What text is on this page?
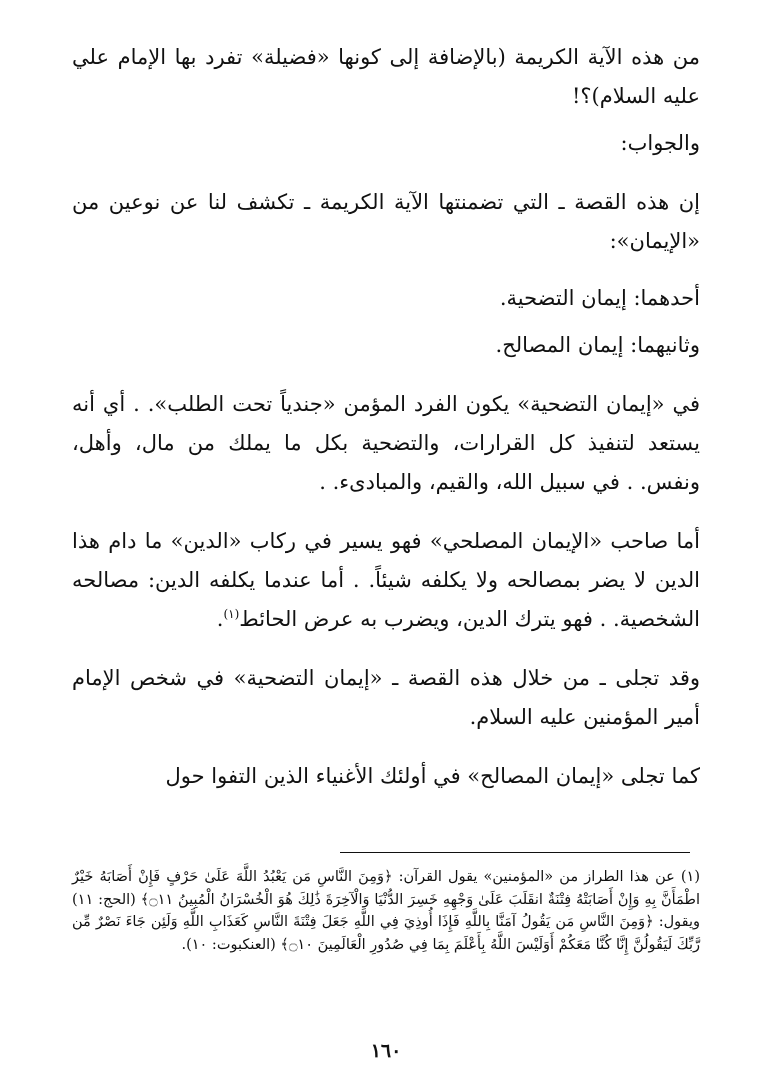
من هذه الآية الكريمة (بالإضافة إلى كونها «فضيلة» تفرد بها الإمام علي عليه السلام)؟!

والجواب:

إن هذه القصة ـ التي تضمنتها الآية الكريمة ـ تكشف لنا عن نوعين من «الإيمان»:

أحدهما: إيمان التضحية.

وثانيهما: إيمان المصالح.

في «إيمان التضحية» يكون الفرد المؤمن «جندياً تحت الطلب». . أي أنه يستعد لتنفيذ كل القرارات، والتضحية بكل ما يملك من مال، وأهل، ونفس. . في سبيل الله، والقيم، والمبادىء. .

أما صاحب «الإيمان المصلحي» فهو يسير في ركاب «الدين» ما دام هذا الدين لا يضر بمصالحه ولا يكلفه شيئاً. . أما عندما يكلفه الدين: مصالحه الشخصية. . فهو يترك الدين، ويضرب به عرض الحائط$^{(١)}$.

وقد تجلى ـ من خلال هذه القصة ـ «إيمان التضحية» في شخص الإمام أمير المؤمنين عليه السلام.

كما تجلى «إيمان المصالح» في أولئك الأغنياء الذين التفوا حول

(١) عن هذا الطراز من «المؤمنين» يقول القرآن: ﴿وَمِنَ النَّاسِ مَن يَعْبُدُ اللَّهَ عَلَىٰ حَرْفٍ فَإِنْ أَصَابَهُ خَيْرٌ اطْمَأَنَّ بِهِ وَإِنْ أَصَابَتْهُ فِتْنَةٌ انقَلَبَ عَلَىٰ وَجْهِهِ خَسِرَ الدُّنْيَا وَالْآخِرَةَ ذَٰلِكَ هُوَ الْخُسْرَانُ الْمُبِينُ ۝١١﴾ (الحج: ١١) ويقول: ﴿وَمِنَ النَّاسِ مَن يَقُولُ آمَنَّا بِاللَّهِ فَإِذَا أُوذِيَ فِي اللَّهِ جَعَلَ فِتْنَةَ النَّاسِ كَعَذَابِ اللَّهِ وَلَئِن جَاءَ نَصْرٌ مِّن رَّبِّكَ لَيَقُولُنَّ إِنَّا كُنَّا مَعَكُمْ أَوَلَيْسَ اللَّهُ بِأَعْلَمَ بِمَا فِي صُدُورِ الْعَالَمِينَ ۝١٠﴾ (العنكبوت: ١٠).
١٦٠
